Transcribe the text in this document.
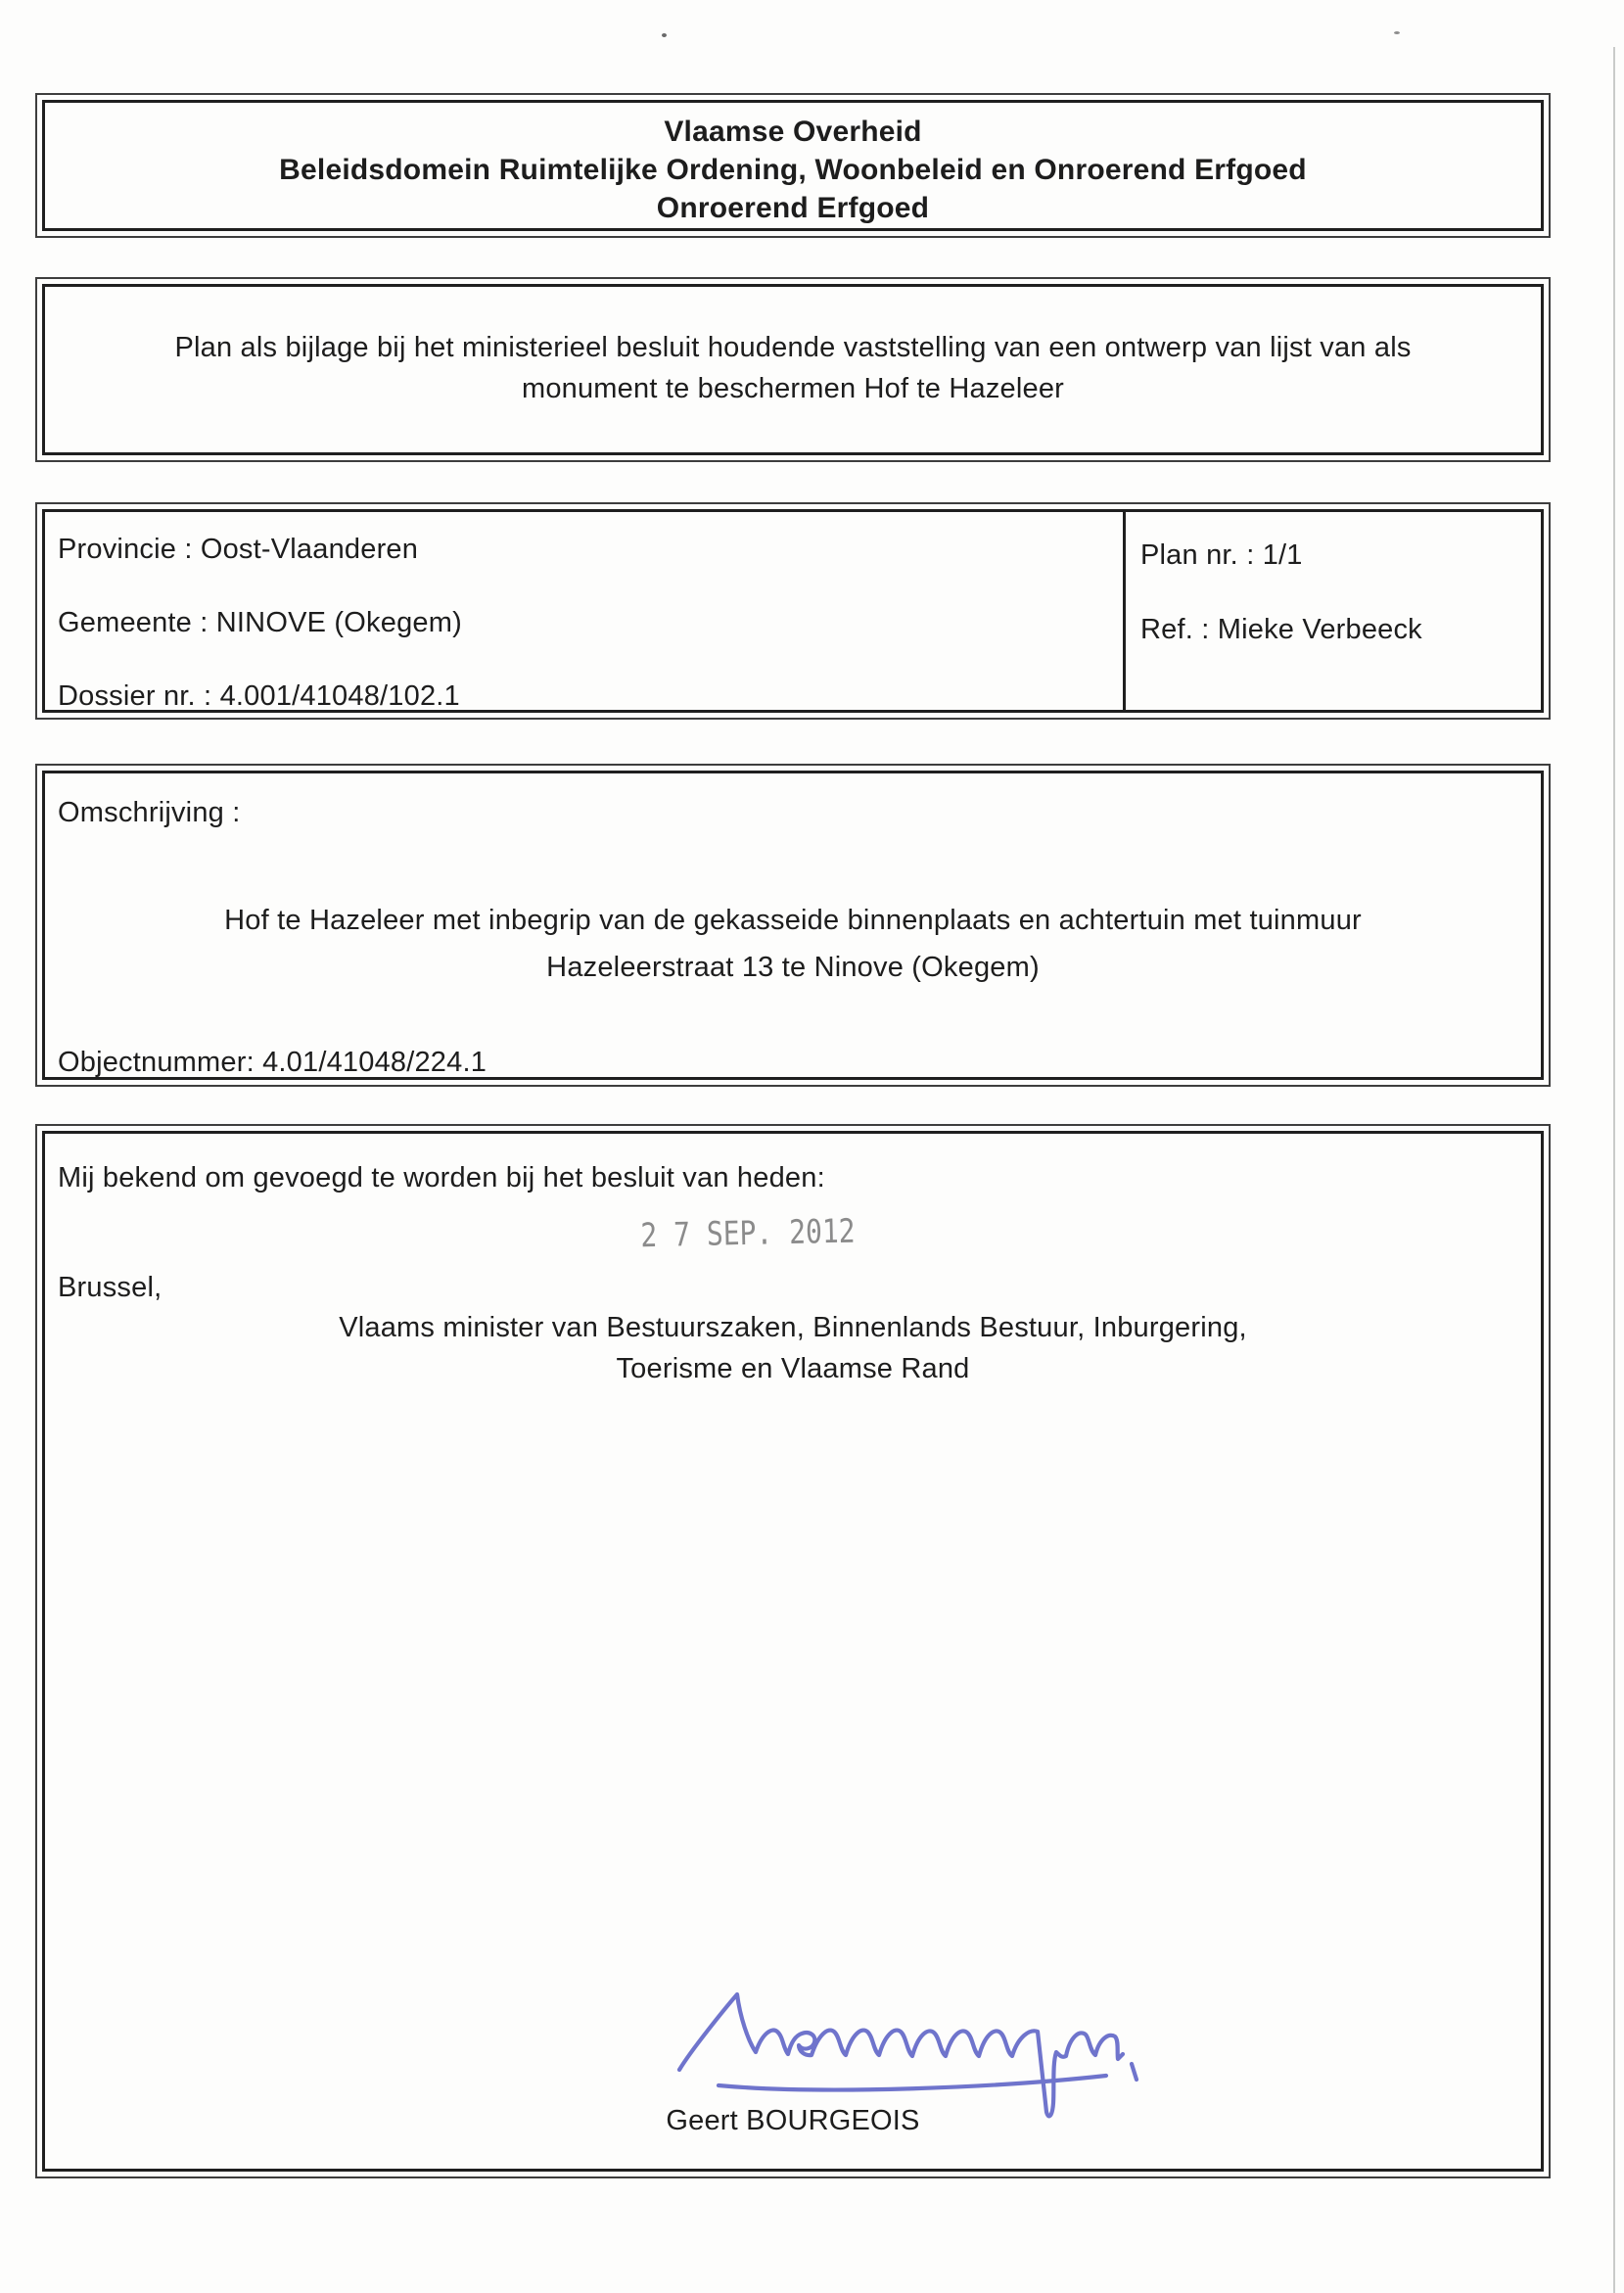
Vlaamse Overheid
Beleidsdomein Ruimtelijke Ordening, Woonbeleid en Onroerend Erfgoed
Onroerend Erfgoed
Plan als bijlage bij het ministerieel besluit houdende vaststelling van een ontwerp van lijst van als
monument te beschermen Hof te Hazeleer
Provincie : Oost-Vlaanderen
Gemeente : NINOVE (Okegem)
Dossier nr. : 4.001/41048/102.1
Plan nr. : 1/1
Ref. : Mieke Verbeeck
Omschrijving :
Hof te Hazeleer met inbegrip van de gekasseide binnenplaats en achtertuin met tuinmuur
Hazeleerstraat 13 te Ninove (Okegem)
Objectnummer: 4.01/41048/224.1
Mij bekend om gevoegd te worden bij het besluit van heden:
2 7 SEP. 2012
Brussel,
Vlaams minister van Bestuurszaken, Binnenlands Bestuur, Inburgering,
Toerisme en Vlaamse Rand
Geert BOURGEOIS
